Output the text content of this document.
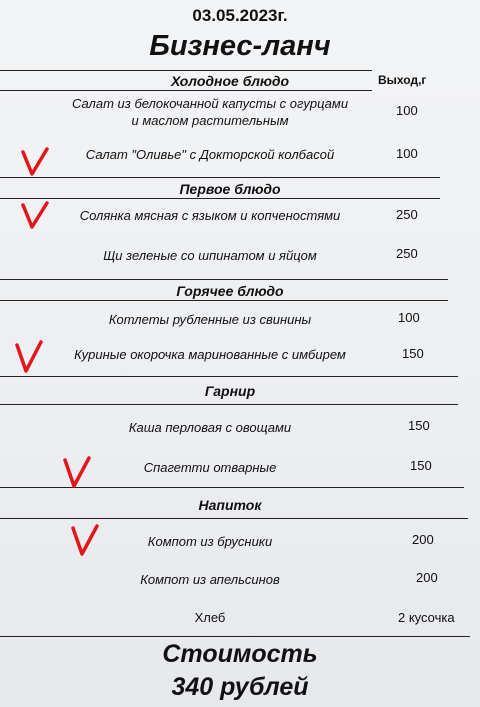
03.05.2023г.
Бизнес-ланч
Холодное блюдо	Выход,г
Салат из белокочанной капусты с огурцами
и маслом растительным
100
Салат "Оливье" с Докторской колбасой	100
Первое блюдо
Солянка мясная с языком и копченостями	250
Щи зеленые со шпинатом и яйцом	250
Горячее блюдо
Котлеты рубленные из свинины	100
Куриные окорочка маринованные с имбирем	150
Гарнир
Каша перловая с овощами	150
Спагетти отварные	150
Напиток
Компот из брусники	200
Компот из апельсинов	200
Хлеб	2 кусочка
Стоимость
340 рублей
